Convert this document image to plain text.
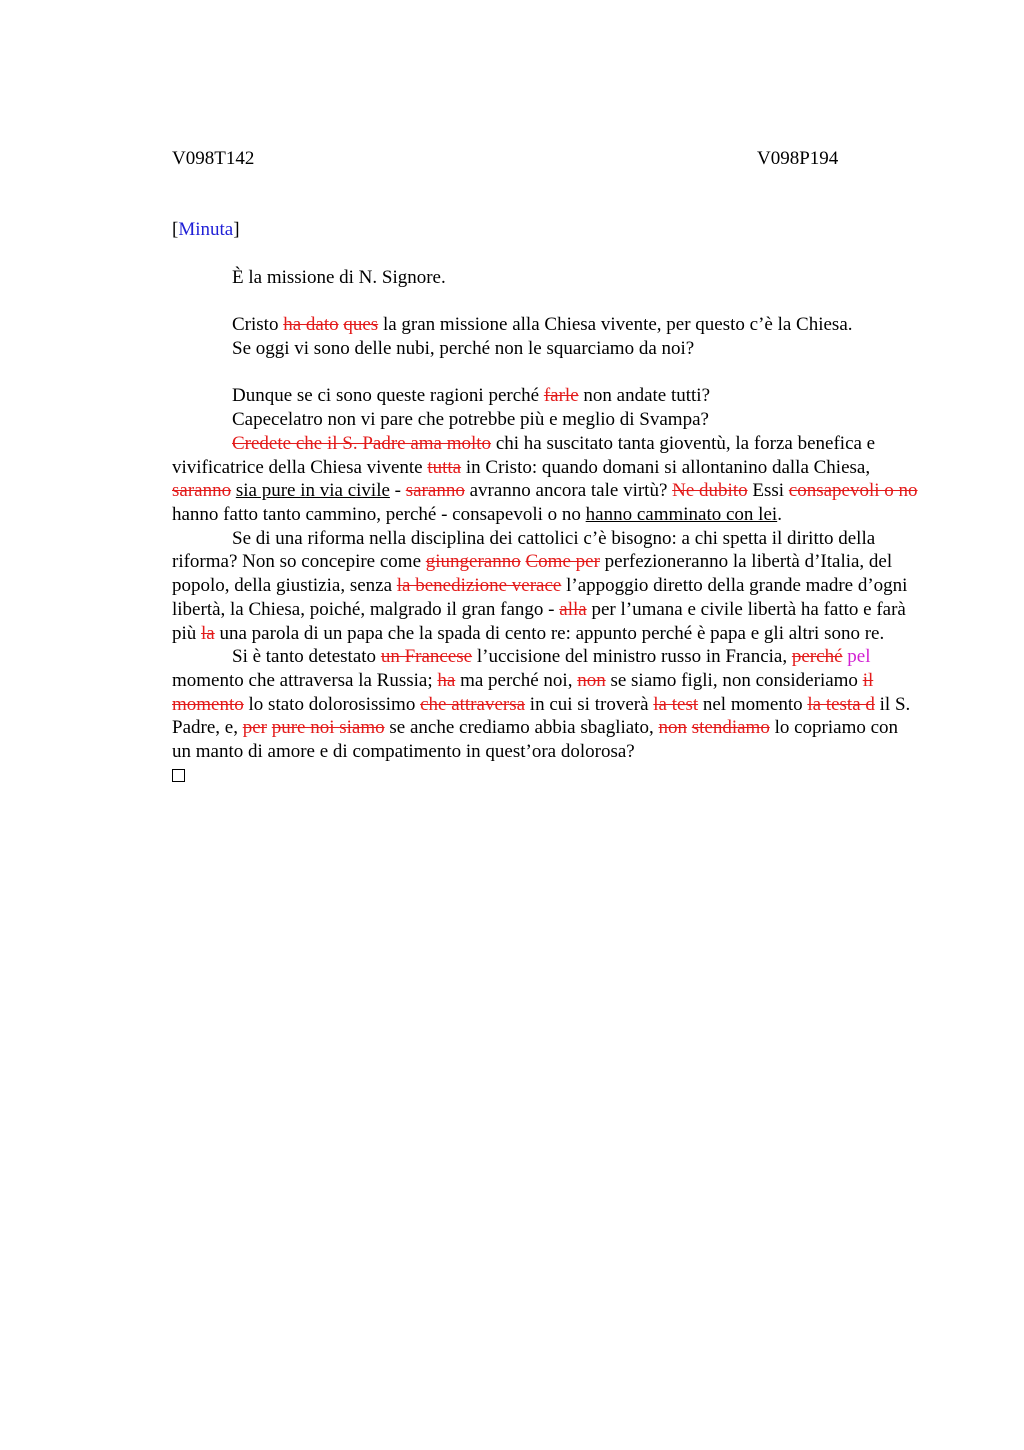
V098T142	V098P194
[Minuta]

È la missione di N. Signore.

Cristo ha dato ques la gran missione alla Chiesa vivente, per questo c’è la Chiesa.

Se oggi vi sono delle nubi, perché non le squarciamo da noi?

Dunque se ci sono queste ragioni perché farle non andate tutti?

Capecelatro non vi pare che potrebbe più e meglio di Svampa?

Credete che il S. Padre ama molto chi ha suscitato tanta gioventù, la forza benefica e vivificatrice della Chiesa vivente tutta in Cristo: quando domani si allontanino dalla Chiesa, saranno sia pure in via civile - saranno avranno ancora tale virtù? Ne dubito Essi consapevoli o no hanno fatto tanto cammino, perché - consapevoli o no hanno camminato con lei.

Se di una riforma nella disciplina dei cattolici c’è bisogno: a chi spetta il diritto della riforma? Non so concepire come giungeranno Come per perfezioneranno la libertà d’Italia, del popolo, della giustizia, senza la benedizione verace l’appoggio diretto della grande madre d’ogni libertà, la Chiesa, poiché, malgrado il gran fango - alla per l’umana e civile libertà ha fatto e farà più la una parola di un papa che la spada di cento re: appunto perché è papa e gli altri sono re.

Si è tanto detestato un Francese l’uccisione del ministro russo in Francia, perché pel momento che attraversa la Russia; ha ma perché noi, non se siamo figli, non consideriamo il momento lo stato dolorosissimo che attraversa in cui si troverà la test nel momento la testa d il S. Padre, e, per pure noi siamo se anche crediamo abbia sbagliato, non stendiamo lo copriamo con un manto di amore e di compatimento in quest’ora dolorosa?
